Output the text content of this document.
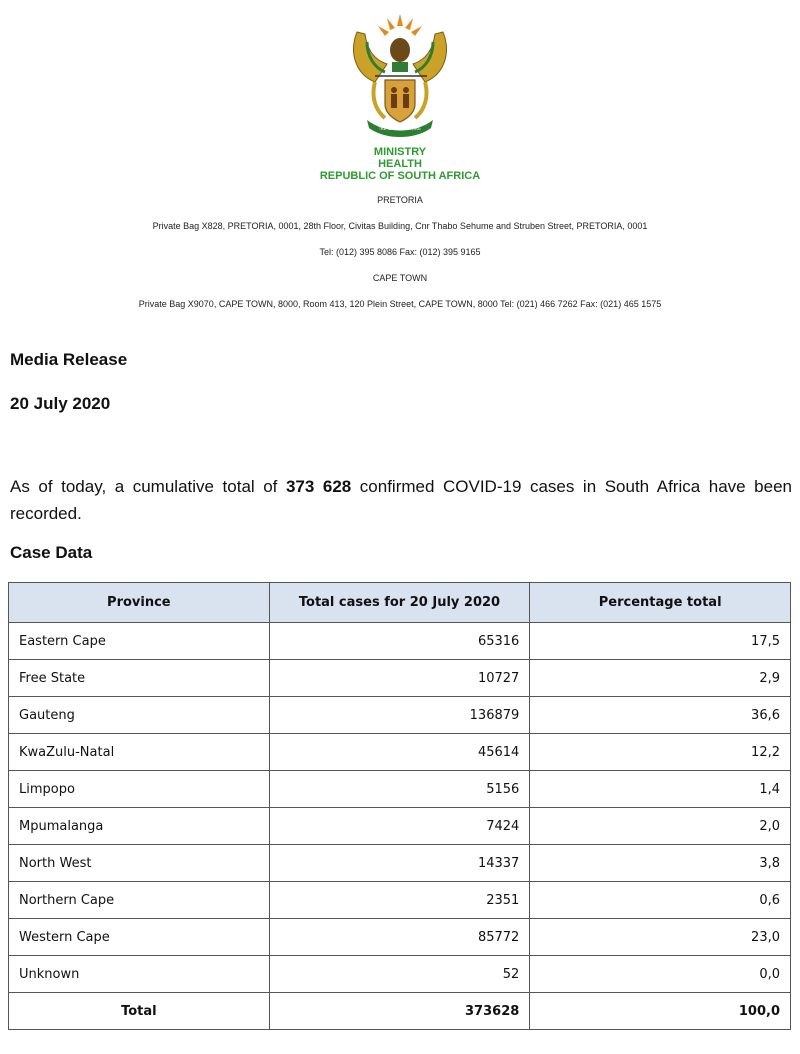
!KE E: /XARRA //KE
MINISTRY
HEALTH
REPUBLIC OF SOUTH AFRICA
PRETORIA
Private Bag X828, PRETORIA, 0001, 28th Floor, Civitas Building, Cnr Thabo Sehume and Struben Street, PRETORIA, 0001
Tel: (012) 395 8086 Fax: (012) 395 9165
CAPE TOWN
Private Bag X9070, CAPE TOWN, 8000, Room 413, 120 Plein Street, CAPE TOWN, 8000 Tel: (021) 466 7262 Fax: (021) 465 1575
Media Release
20 July 2020
As of today, a cumulative total of 373 628 confirmed COVID-19 cases in South Africa have been recorded.
Case Data
Province	Total cases for 20 July 2020	Percentage total
Eastern Cape	65316	17,5
Free State	10727	2,9
Gauteng	136879	36,6
KwaZulu-Natal	45614	12,2
Limpopo	5156	1,4
Mpumalanga	7424	2,0
North West	14337	3,8
Northern Cape	2351	0,6
Western Cape	85772	23,0
Unknown	52	0,0
Total	373628	100,0
